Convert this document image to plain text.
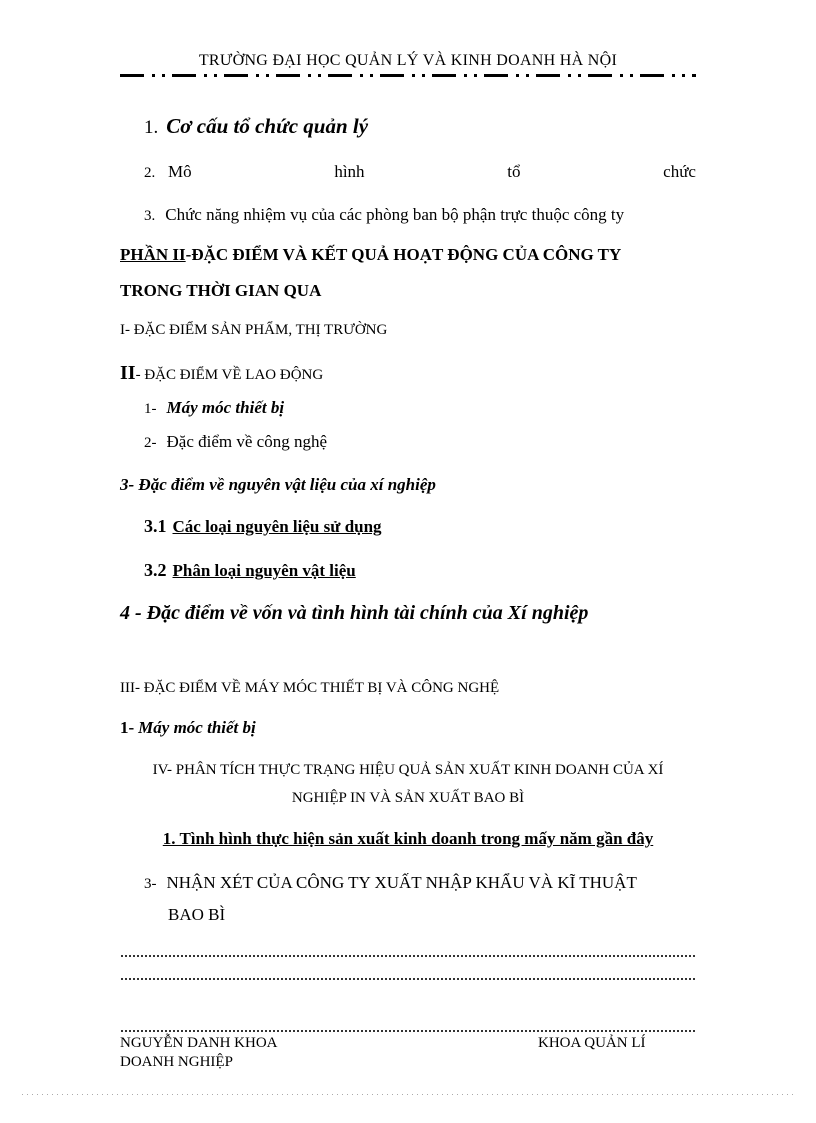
TRƯỜNG ĐẠI HỌC QUẢN LÝ VÀ KINH DOANH HÀ NỘI
1. Cơ cấu tổ chức quản lý
2. Mô	hình	tổ	chức
3. Chức năng nhiệm vụ của các phòng ban bộ phận trực thuộc công ty
PHẦN II-ĐẶC ĐIỂM VÀ KẾT QUẢ HOẠT ĐỘNG CỦA CÔNG TY
TRONG THỜI GIAN QUA
I- ĐẶC ĐIỂM SẢN PHẨM, THỊ TRƯỜNG
II- ĐẶC ĐIỂM VỀ LAO ĐỘNG
1- Máy móc thiết bị
2- Đặc điểm về công nghệ
3- Đặc điểm về nguyên vật liệu của xí nghiệp
3.1 Các loại nguyên liệu sử dụng
3.2 Phân loại nguyên vật liệu
4 - Đặc điểm về vốn và tình hình tài chính của Xí nghiệp
III- ĐẶC ĐIỂM VỀ MÁY MÓC THIẾT BỊ VÀ CÔNG NGHỆ
1- Máy móc thiết bị
IV- PHÂN TÍCH THỰC TRẠNG HIỆU QUẢ SẢN XUẤT KINH DOANH CỦA XÍ
NGHIỆP IN VÀ SẢN XUẤT BAO BÌ
1. Tình hình thực hiện sản xuất kinh doanh trong mấy năm gần đây
3- NHẬN XÉT CỦA CÔNG TY XUẤT NHẬP KHẨU VÀ KĨ THUẬT
BAO BÌ
NGUYỄN DANH KHOA
DOANH NGHIỆP
KHOA QUẢN LÍ
